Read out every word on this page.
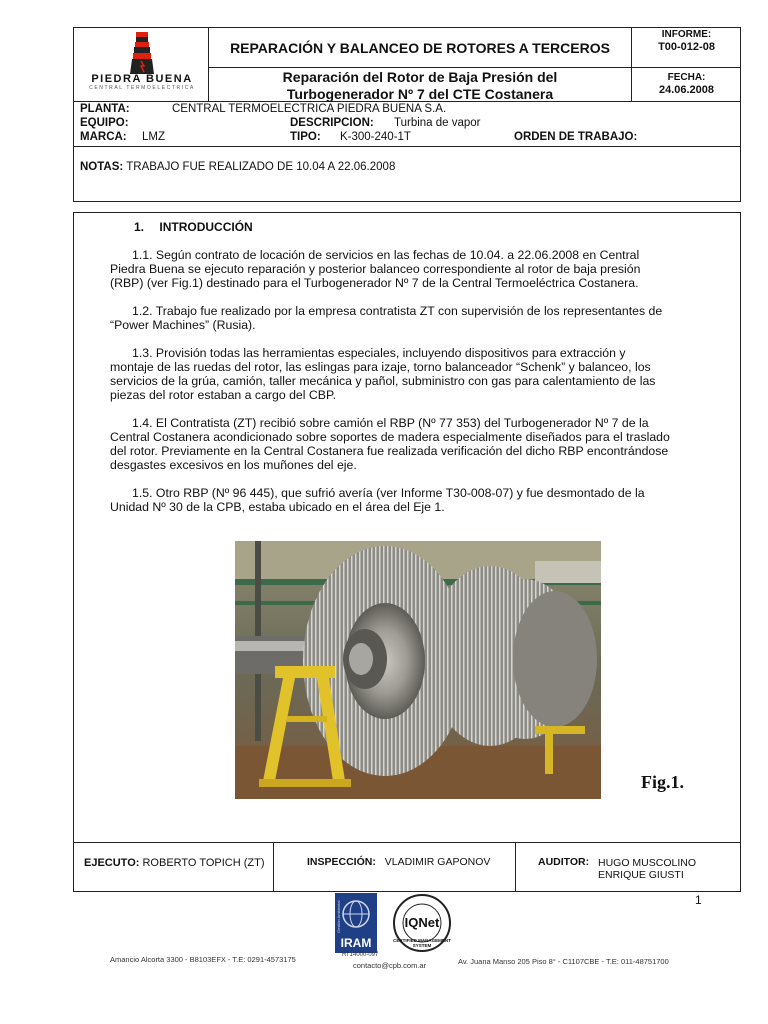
PIEDRA BUENA
CENTRAL TERMOELECTRICA
REPARACIÓN Y BALANCEO DE ROTORES A TERCEROS
Reparación del Rotor de Baja Presión del
Turbogenerador Nº 7 del CTE Costanera
INFORME:
T00-012-08
FECHA:
24.06.2008
PLANTA:	CENTRAL TERMOELECTRICA PIEDRA BUENA S.A.
EQUIPO:	DESCRIPCION: Turbina de vapor
MARCA: LMZ	TIPO: K-300-240-1T	ORDEN DE TRABAJO:
NOTAS: TRABAJO FUE REALIZADO DE 10.04 A 22.06.2008
1. INTRODUCCIÓN
1.1. Según contrato de locación de servicios en las fechas de 10.04. a 22.06.2008 en Central
Piedra Buena se ejecuto reparación y posterior balanceo correspondiente al rotor de baja presión
(RBP) (ver Fig.1) destinado para el Turbogenerador Nº 7 de la Central Termoeléctrica Costanera.
1.2. Trabajo fue realizado por la empresa contratista ZT con supervisión de los representantes de
“Power Machines” (Rusia).
1.3. Provisión todas las herramientas especiales, incluyendo dispositivos para extracción y
montaje de las ruedas del rotor, las eslingas para izaje, torno balanceador “Schenk” y balanceo, los
servicios de la grúa, camión, taller mecánica y pañol, subministro con gas para calentamiento de las
piezas del rotor estaban a cargo del CBP.
1.4. El Contratista (ZT) recibió sobre camión el RBP (Nº 77 353) del Turbogenerador Nº 7 de la
Central Costanera acondicionado sobre soportes de madera especialmente diseñados para el traslado
del rotor. Previamente en la Central Costanera fue realizada verificación del dicho RBP encontrándose
desgastes excesivos en los muñones del eje.
1.5. Otro RBP (Nº 96 445), que sufrió avería (ver Informe T30-008-07) y fue desmontado de la
Unidad Nº 30 de la CPB, estaba ubicado en el área del Eje 1.
Fig.1.
EJECUTO: ROBERTO TOPICH (ZT)	INSPECCIÓN: VLADIMIR GAPONOV	AUDITOR: HUGO MUSCOLINO
ENRIQUE GIUSTI
1
Gestión Ambiental
IRAM
RI 14000-097
IQNet
CERTIFIED MANAGEMENT SYSTEM
Amancio Alcorta 3300 - B8103EFX - T.E: 0291-4573175
contacto@cpb.com.ar	Av. Juana Manso 205 Piso 8° - C1107CBE - T.E: 011-48751700
